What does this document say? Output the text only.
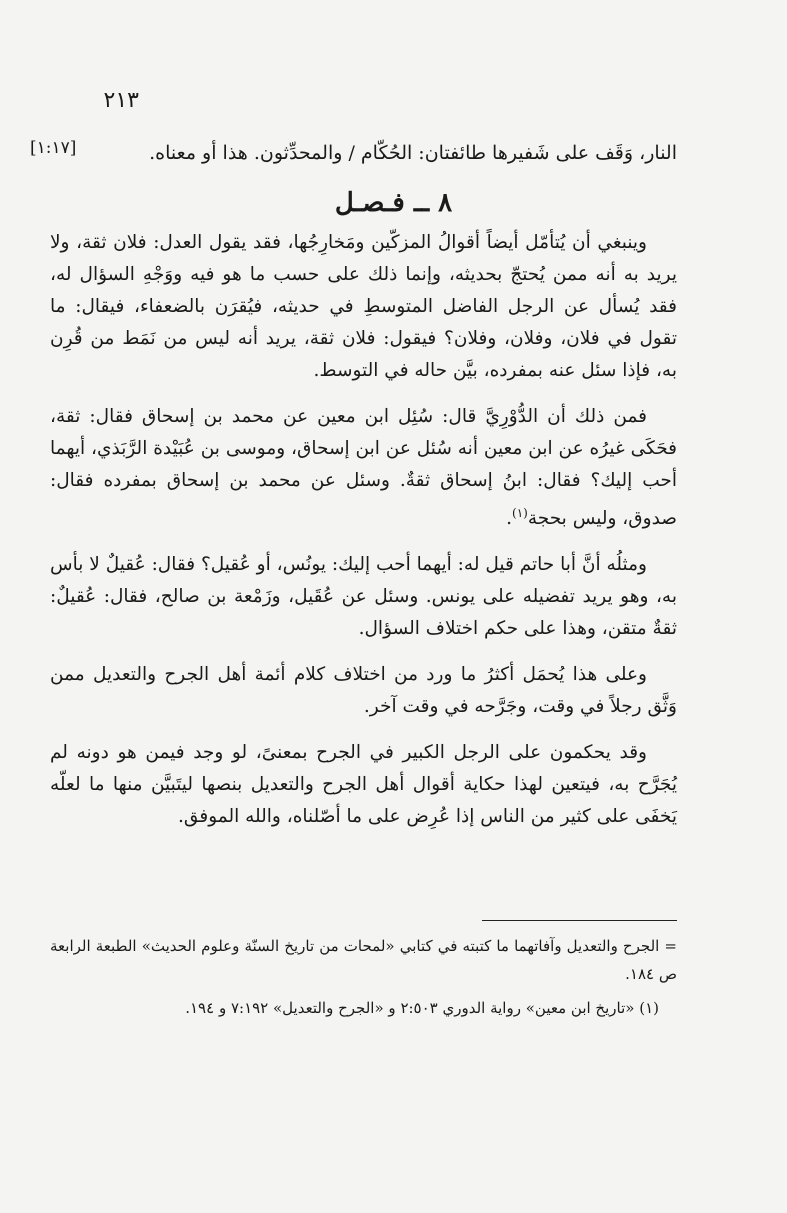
٢١٣
النار، وَقَف على شَفيرها طائفتان: الحُكّام / والمحدِّثون. هذا أو معناه.
[١:١٧]
٨ ــ فـصـل

وينبغي أن يُتأمّل أيضاً أقوالُ المزكّين ومَخارِجُها، فقد يقول العدل: فلان ثقة، ولا يريد به أنه ممن يُحتجّ بحديثه، وإنما ذلك على حسب ما هو فيه ووَجْهِ السؤال له، فقد يُسأل عن الرجل الفاضل المتوسطِ في حديثه، فيُقرَن بالضعفاء، فيقال: ما تقول في فلان، وفلان، وفلان؟ فيقول: فلان ثقة، يريد أنه ليس من نَمَط من قُرِن به، فإذا سئل عنه بمفرده، بيَّن حاله في التوسط.

فمن ذلك أن الدُّوْرِيَّ قال: سُئِل ابن معين عن محمد بن إسحاق فقال: ثقة، فحَكَى غيرُه عن ابن معين أنه سُئل عن ابن إسحاق، وموسى بن عُبَيْدة الرَّبَذي، أيهما أحب إليك؟ فقال: ابنُ إسحاق ثقةٌ. وسئل عن محمد بن إسحاق بمفرده فقال: صدوق، وليس بحجة$^{(١)}$.

ومثلُه أنَّ أبا حاتم قيل له: أيهما أحب إليك: يونُس، أو عُقيل؟ فقال: عُقيلٌ لا بأس به، وهو يريد تفضيله على يونس. وسئل عن عُقَيل، وزَمْعة بن صالح، فقال: عُقيلٌ: ثقةٌ متقن، وهذا على حكم اختلاف السؤال.

وعلى هذا يُحمَل أكثرُ ما ورد من اختلاف كلام أئمة أهل الجرح والتعديل ممن وَثَّق رجلاً في وقت، وجَرَّحه في وقت آخر.

وقد يحكمون على الرجل الكبير في الجرح بمعنىً، لو وجد فيمن هو دونه لم يُجَرَّح به، فيتعين لهذا حكاية أقوال أهل الجرح والتعديل بنصها ليتَبيَّن منها ما لعلّه يَخفَى على كثير من الناس إذا عُرِض على ما أصّلناه، والله الموفق.

= الجرح والتعديل وآفاتهما ما كتبته في كتابي «لمحات من تاريخ السنّة وعلوم الحديث» الطبعة الرابعة ص ١٨٤.

(١) «تاريخ ابن معين» رواية الدوري ٢:٥٠٣ و «الجرح والتعديل» ٧:١٩٢ و ١٩٤.
